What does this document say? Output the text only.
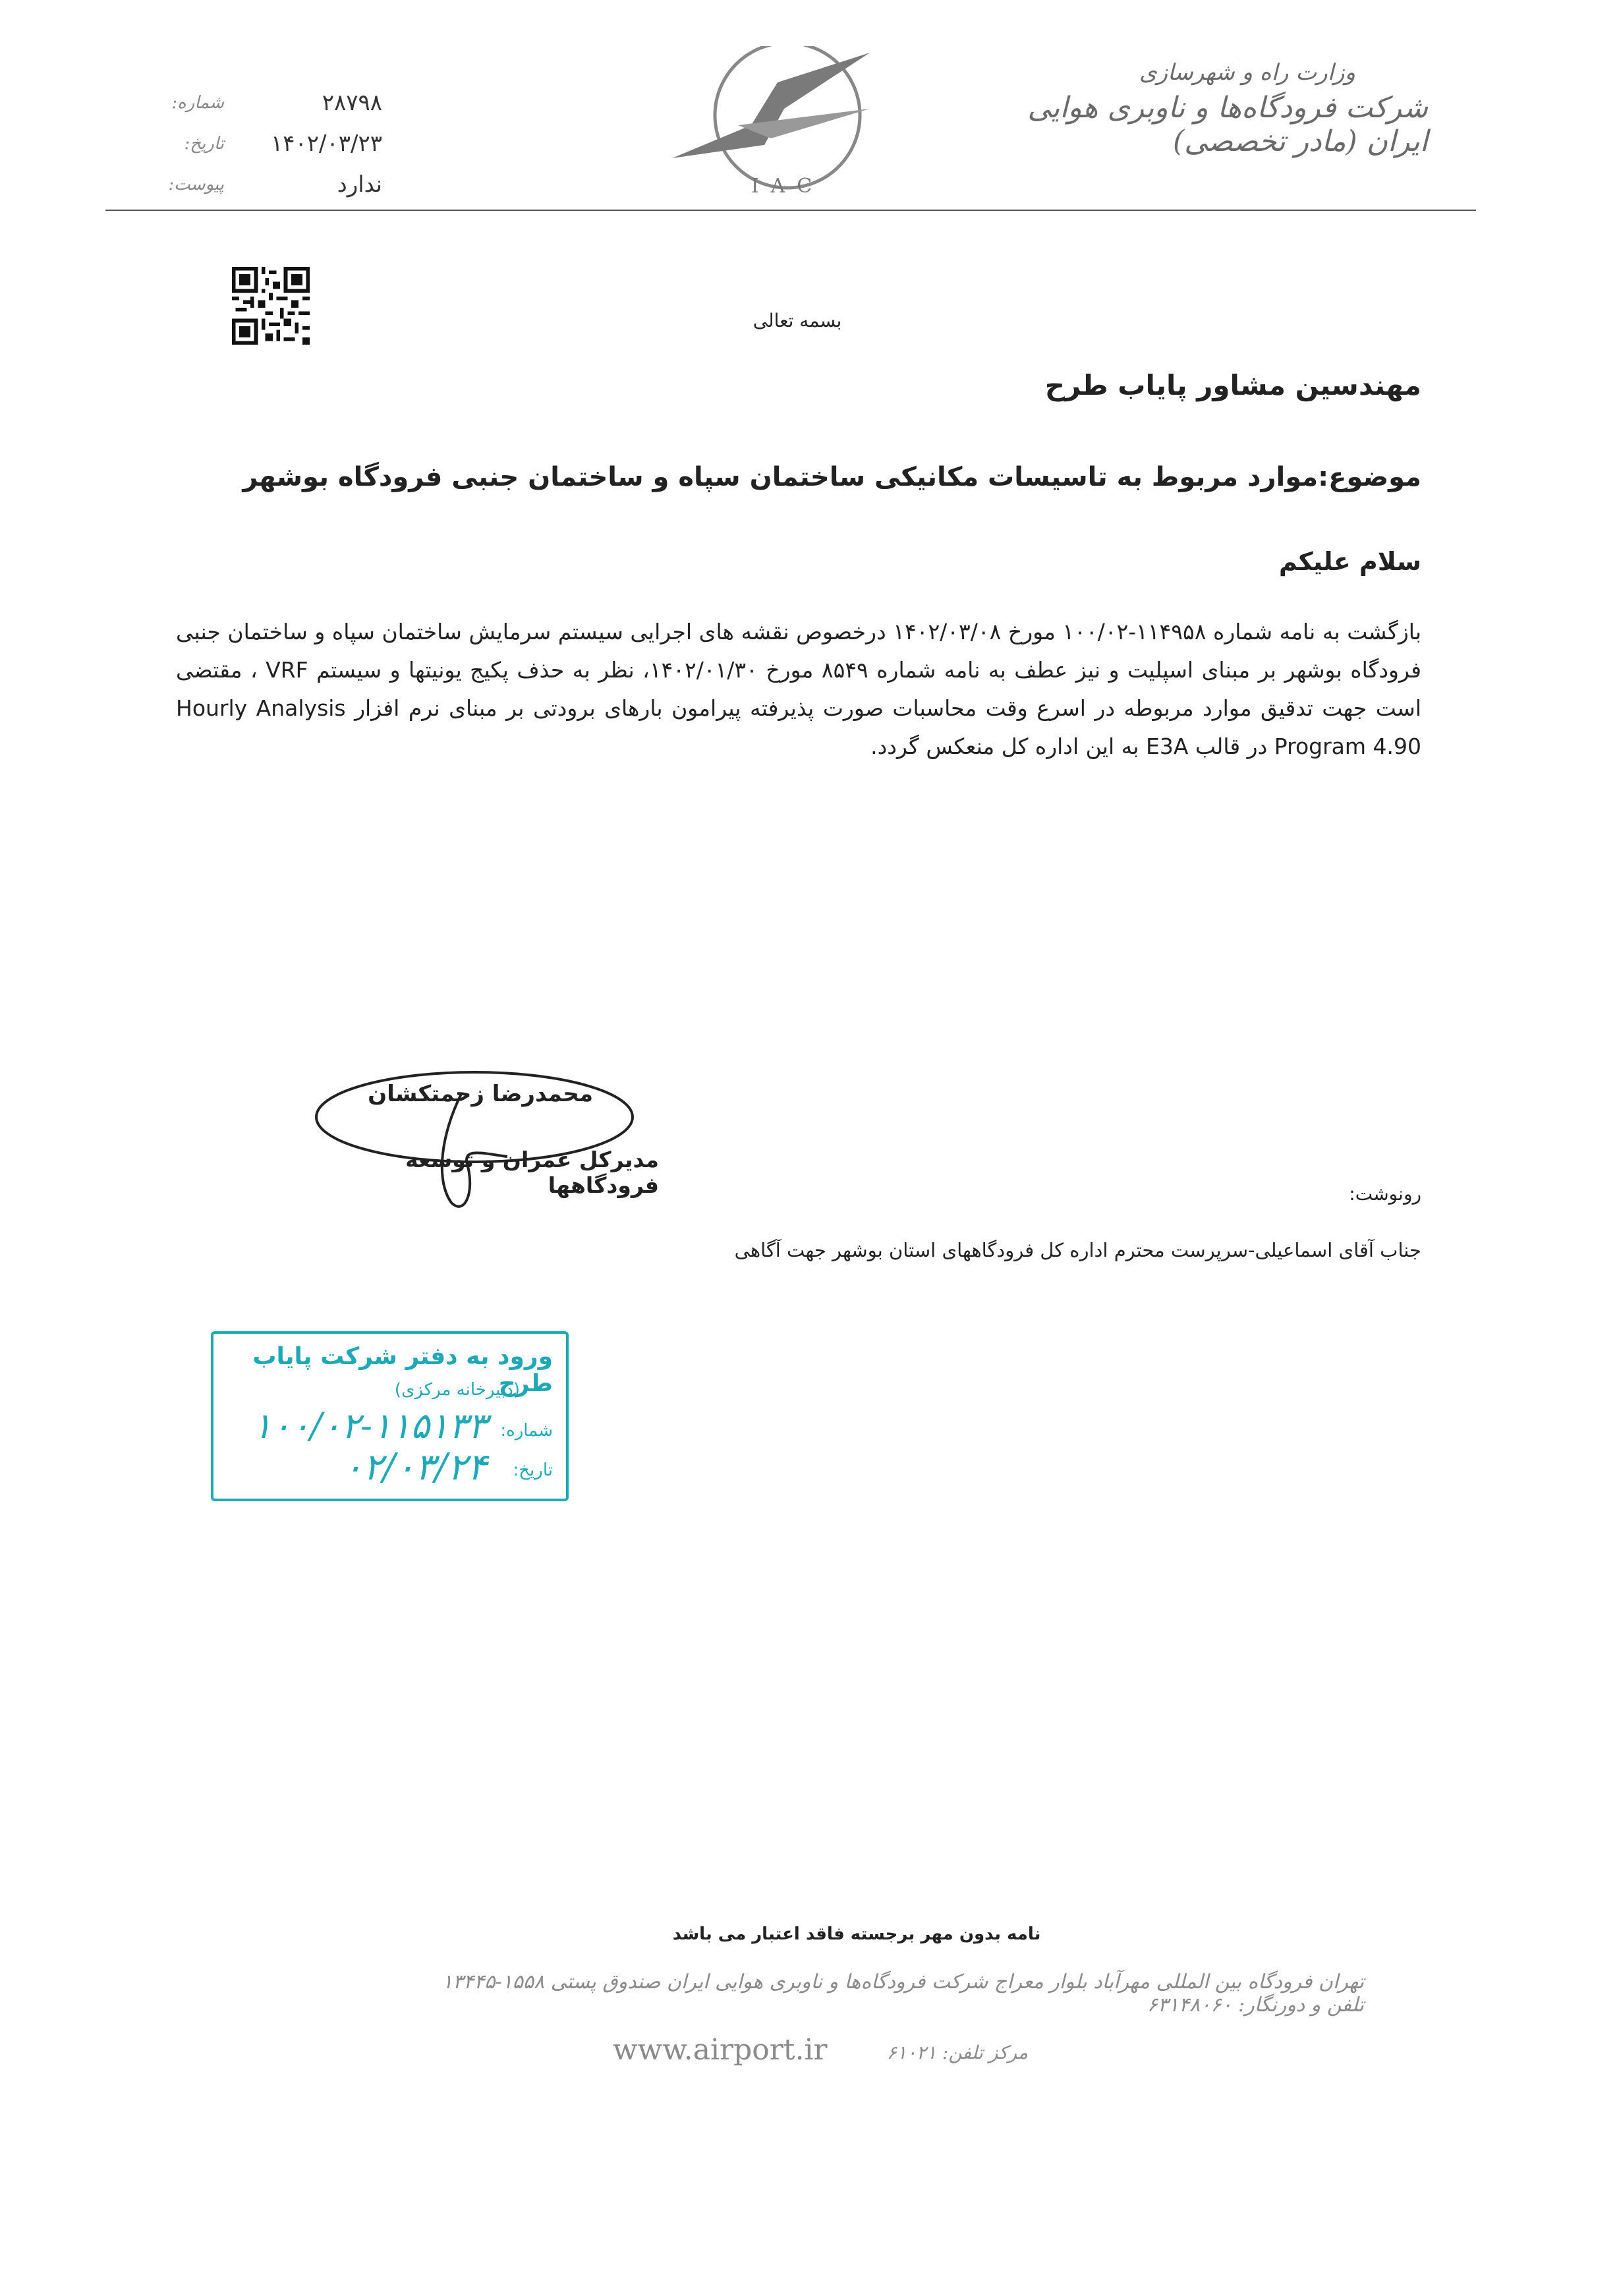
وزارت راه و شهرسازی
شرکت فرودگاه‌ها و ناوبری هوایی ایران (مادر تخصصی)
IAC
شماره:	۲۸۷۹۸
تاریخ:	۱۴۰۲/۰۳/۲۳
پیوست:	ندارد
بسمه تعالی
مهندسین مشاور پایاب طرح
موضوع:موارد مربوط به تاسیسات مکانیکی ساختمان سپاه و ساختمان جنبی فرودگاه بوشهر
سلام علیکم
بازگشت به نامه شماره ۱۱۴۹۵۸-۱۰۰/۰۲ مورخ ۱۴۰۲/۰۳/۰۸ درخصوص نقشه های اجرایی سیستم سرمایش ساختمان سپاه و ساختمان جنبی فرودگاه بوشهر بر مبنای اسپلیت و نیز عطف به نامه شماره ۸۵۴۹ مورخ ۱۴۰۲/۰۱/۳۰، نظر به حذف پکیج یونیتها و سیستم VRF ، مقتضی است جهت تدقیق موارد مربوطه در اسرع وقت محاسبات صورت پذیرفته پیرامون بارهای برودتی بر مبنای نرم افزار Hourly Analysis Program 4.90 در قالب E3A به این اداره کل منعکس گردد.
محمدرضا زحمتکشان
مدیرکل عمران و توسعه فرودگاهها	رونوشت:
جناب آقای اسماعیلی-سرپرست محترم اداره کل فرودگاههای استان بوشهر جهت آگاهی
ورود به دفتر شرکت پایاب طرح
(دبیرخانه مرکزی)
شماره:
۱۰۰/۰۲-۱۱۵۱۳۳
تاریخ:
۰۲/۰۳/۲۴
نامه بدون مهر برجسته فاقد اعتبار می باشد
تهران فرودگاه بین المللی مهرآباد بلوار معراج شرکت فرودگاه‌ها و ناوبری هوایی ایران صندوق پستی ۱۵۵۸-۱۳۴۴۵ تلفن و دورنگار: ۶۳۱۴۸۰۶۰
www.airport.ir	مرکز تلفن: ۶۱۰۲۱
